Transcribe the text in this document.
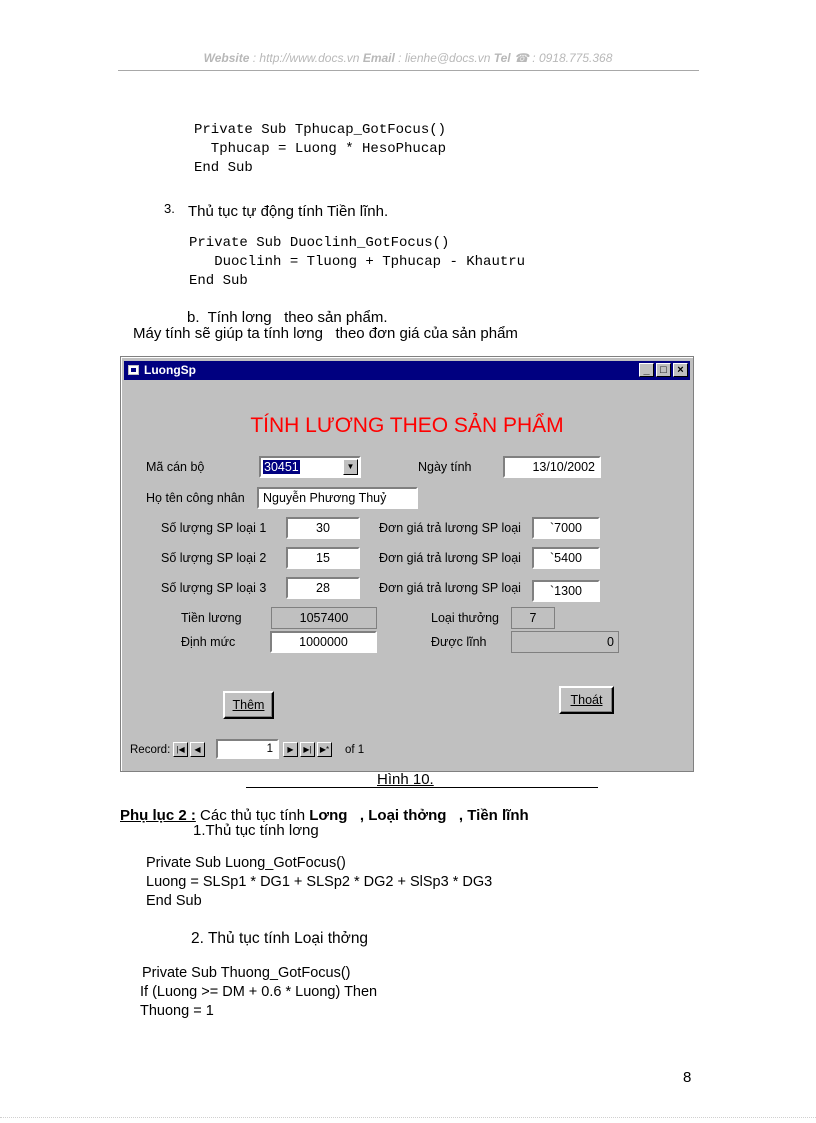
Website : http://www.docs.vn Email : lienhe@docs.vn Tel ☎ : 0918.775.368
Private Sub Tphucap_GotFocus()
Tphucap = Luong * HesoPhucap
End Sub
3. Thủ tục tự động tính Tiền lĩnh.
Private Sub Duoclinh_GotFocus()
Duoclinh = Tluong + Tphucap - Khautru
End Sub
b.  Tính lơng   theo sản phẩm.
Máy tính sẽ giúp ta tính lơng   theo đơn giá của sản phẩm
LuongSp	_ □ ×
TÍNH LƯƠNG THEO SẢN PHẨM
Mã cán bộ	30451	▼	Ngày tính	13/10/2002
Họ tên công nhân	Nguyễn Phương Thuỷ
Số lượng SP loại 1	30	Đơn giá trả lương SP loại	`7000
Số lượng SP loại 2	15	Đơn giá trả lương SP loại	`5400
Số lượng SP loại 3	28	Đơn giá trả lương SP loại	`1300
Tiền lương	1057400	Loại thưởng	7
Định mức	1000000	Được lĩnh	0
Thêm	Thoát
Record: |◀	◀	1	▶	▶|	▶* of 1
Hình 10.
Phụ lục 2 : Các thủ tục tính Lơng , Loại thởng , Tiền lĩnh
1.Thủ tục tính lơng
Private Sub Luong_GotFocus()
Luong = SLSp1 * DG1 + SLSp2 * DG2 + SlSp3 * DG3
End Sub
2. Thủ tục tính Loại thởng
Private Sub Thuong_GotFocus()
If (Luong >= DM + 0.6 * Luong) Then
Thuong = 1
8
